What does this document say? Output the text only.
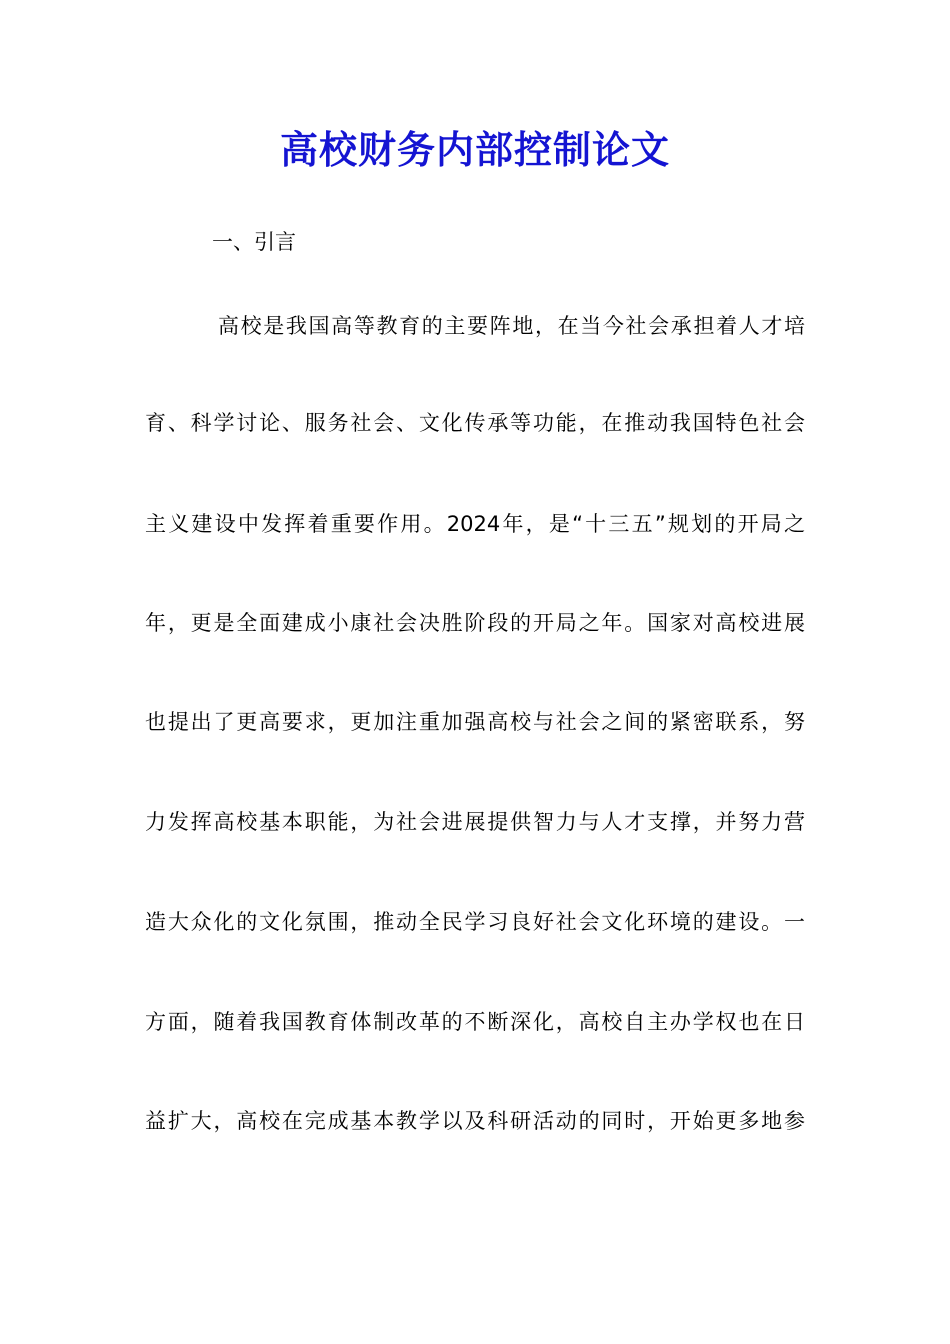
高校财务内部控制论文

一、引言

高校是我国高等教育的主要阵地，在当今社会承担着人才培

育、科学讨论、服务社会、文化传承等功能，在推动我国特色社会

主义建设中发挥着重要作用。2024年，是“十三五”规划的开局之

年，更是全面建成小康社会决胜阶段的开局之年。国家对高校进展

也提出了更高要求，更加注重加强高校与社会之间的紧密联系，努

力发挥高校基本职能，为社会进展提供智力与人才支撑，并努力营

造大众化的文化氛围，推动全民学习良好社会文化环境的建设。一

方面，随着我国教育体制改革的不断深化，高校自主办学权也在日

益扩大，高校在完成基本教学以及科研活动的同时，开始更多地参
